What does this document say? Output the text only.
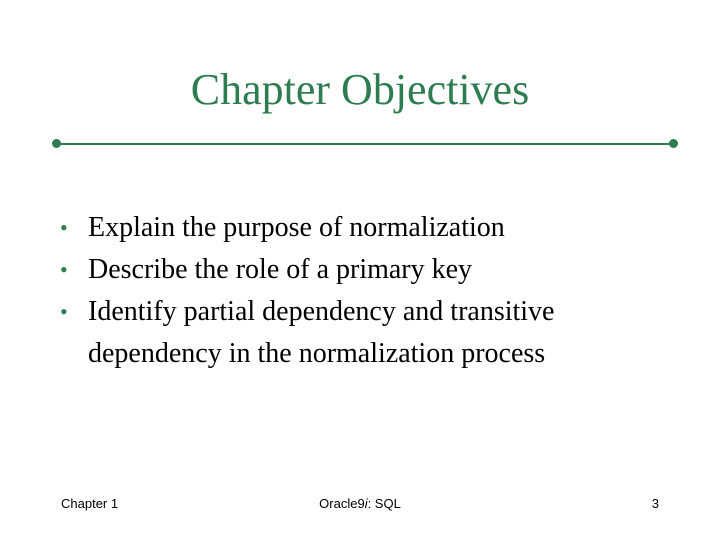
Chapter Objectives
• Explain the purpose of normalization
• Describe the role of a primary key
• Identify partial dependency and transitive dependency in the normalization process
Chapter 1	Oracle9i: SQL	3
